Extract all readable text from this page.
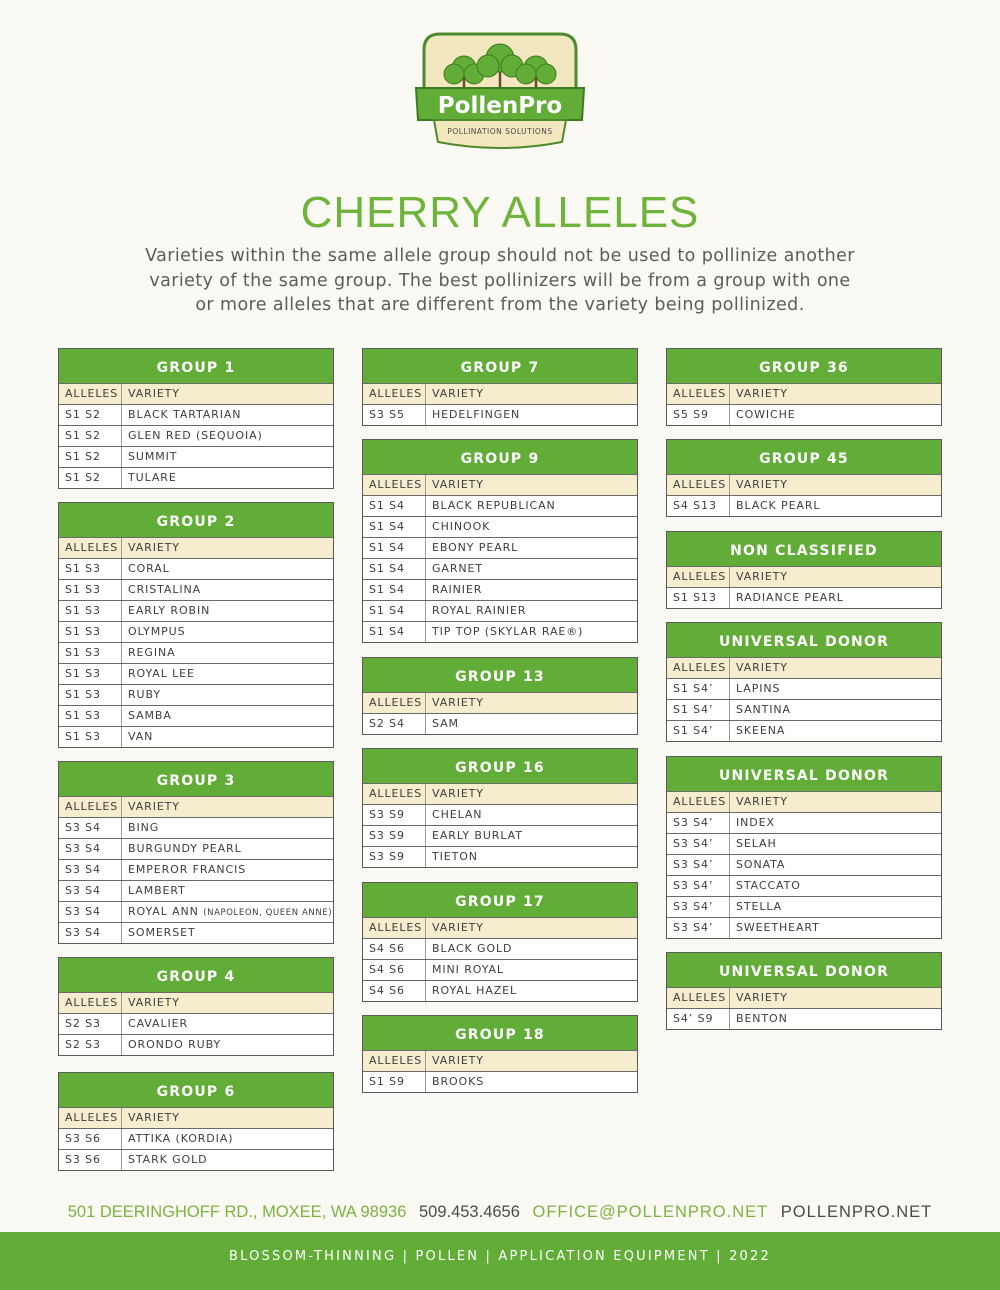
PollenPro
POLLINATION SOLUTIONS
CHERRY ALLELES

Varieties within the same allele group should not be used to pollinize another variety of the same group. The best pollinizers will be from a group with one or more alleles that are different from the variety being pollinized.

GROUP 1
ALLELES VARIETY
S1 S2	BLACK TARTARIAN
S1 S2	GLEN RED (SEQUOIA)
S1 S2	SUMMIT
S1 S2	TULARE
GROUP 2
ALLELES VARIETY
S1 S3	CORAL
S1 S3	CRISTALINA
S1 S3	EARLY ROBIN
S1 S3	OLYMPUS
S1 S3	REGINA
S1 S3	ROYAL LEE
S1 S3	RUBY
S1 S3	SAMBA
S1 S3	VAN
GROUP 3
ALLELES VARIETY
S3 S4	BING
S3 S4	BURGUNDY PEARL
S3 S4	EMPEROR FRANCIS
S3 S4	LAMBERT
S3 S4	ROYAL ANN (NAPOLEON, QUEEN ANNE)
S3 S4	SOMERSET
GROUP 4
ALLELES VARIETY
S2 S3	CAVALIER
S2 S3	ORONDO RUBY
GROUP 6
ALLELES VARIETY
S3 S6	ATTIKA (KORDIA)
S3 S6	STARK GOLD
GROUP 7
ALLELES VARIETY
S3 S5	HEDELFINGEN
GROUP 9
ALLELES VARIETY
S1 S4	BLACK REPUBLICAN
S1 S4	CHINOOK
S1 S4	EBONY PEARL
S1 S4	GARNET
S1 S4	RAINIER
S1 S4	ROYAL RAINIER
S1 S4	TIP TOP (SKYLAR RAE®)
GROUP 13
ALLELES VARIETY
S2 S4	SAM
GROUP 16
ALLELES VARIETY
S3 S9	CHELAN
S3 S9	EARLY BURLAT
S3 S9	TIETON
GROUP 17
ALLELES VARIETY
S4 S6	BLACK GOLD
S4 S6	MINI ROYAL
S4 S6	ROYAL HAZEL
GROUP 18
ALLELES VARIETY
S1 S9	BROOKS
GROUP 36
ALLELES VARIETY
S5 S9	COWICHE
GROUP 45
ALLELES VARIETY
S4 S13	BLACK PEARL
NON CLASSIFIED
ALLELES VARIETY
S1 S13	RADIANCE PEARL
UNIVERSAL DONOR
ALLELES VARIETY
S1 S4’	LAPINS
S1 S4’	SANTINA
S1 S4’	SKEENA
UNIVERSAL DONOR
ALLELES VARIETY
S3 S4’	INDEX
S3 S4’	SELAH
S3 S4’	SONATA
S3 S4’	STACCATO
S3 S4’	STELLA
S3 S4’	SWEETHEART
UNIVERSAL DONOR
ALLELES VARIETY
S4’ S9	BENTON
501 DEERINGHOFF RD., MOXEE, WA 98936 509.453.4656 OFFICE@POLLENPRO.NET POLLENPRO.NET
BLOSSOM-THINNING | POLLEN | APPLICATION EQUIPMENT | 2022
